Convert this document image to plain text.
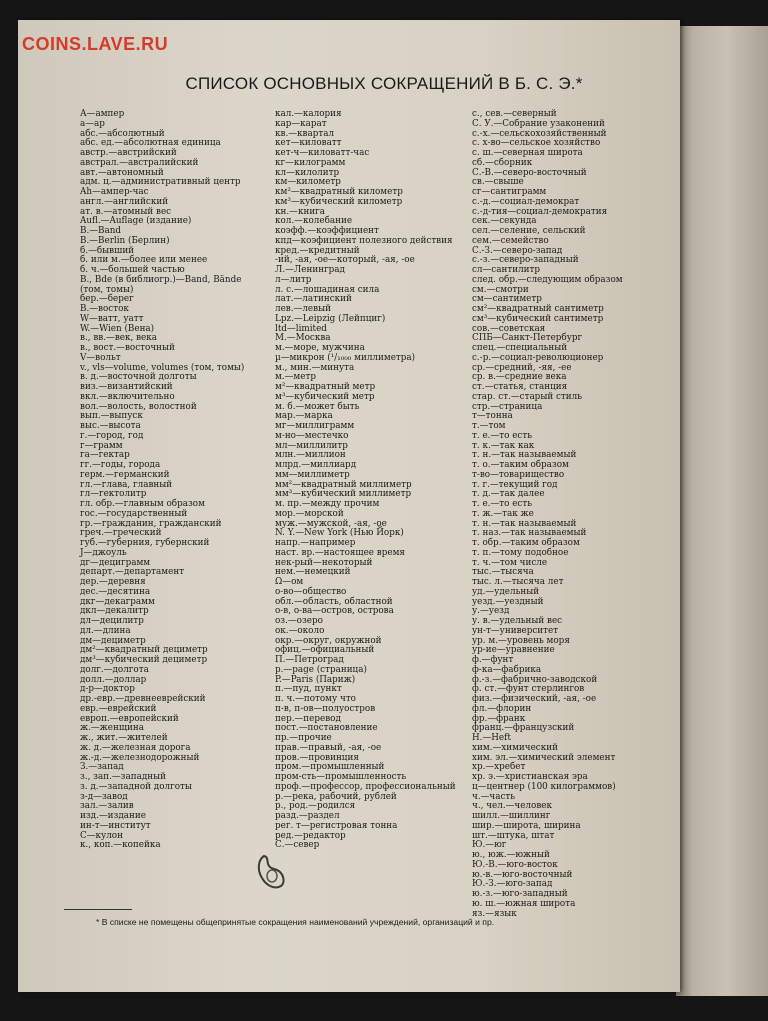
COINS.LAVE.RU
СПИСОК ОСНОВНЫХ СОКРАЩЕНИЙ В Б. С. Э.*
А—ампер
а—ар
абс.—абсолютный
абс. ед.—абсолютная единица
австр.—австрийский
австрал.—австралийский
авт.—автономный
адм. ц.—административный центр
Ah—ампер-час
англ.—английский
ат. в.—атомный вес
Aufl.—Auflage (издание)
B.—Band
B.—Berlin (Берлин)
б.—бывший
б. или м.—более или менее
б. ч.—большей частью
B., Bde (в библиогр.)—Band, Bände
(том, томы)
бер.—берег
В.—восток
W—ватт, уатт
W.—Wien (Вена)
в., вв.—век, века
в., вост.—восточный
V—вольт
v., vls—volume, volumes (том, томы)
в. д.—восточной долготы
виз.—византийский
вкл.—включительно
вол.—волость, волостной
вып.—выпуск
выс.—высота
г.—город, год
г—грамм
га—гектар
гг.—годы, города
герм.—германский
гл.—глава, главный
гл—гектолитр
гл. обр.—главным образом
гос.—государственный
гр.—гражданин, гражданский
греч.—греческий
губ.—губерния, губернский
J—джоуль
дг—дециграмм
департ.—департамент
дер.—деревня
дес.—десятина
дкг—декаграмм
дкл—декалитр
дл—децилитр
дл.—длина
дм—дециметр
дм²—квадратный дециметр
дм³—кубический дециметр
долг.—долгота
долл.—доллар
д-р—доктор
др.-евр.—древнееврейский
евр.—еврейский
европ.—европейский
ж.—женщина
ж., жит.—жителей
ж. д.—железная дорога
ж.-д.—железнодорожный
З.—запад
з., зап.—западный
з. д.—западной долготы
з-д—завод
зал.—залив
изд.—издание
ин-т—институт
C—кулон
к., коп.—копейка
кал.—калория
кар—карат
кв.—квартал
кет—киловатт
кет-ч—киловатт-час
кг—килограмм
кл—килолитр
км—километр
км²—квадратный километр
км³—кубический километр
кн.—книга
кол.—колебание
коэфф.—коэффициент
кпд—коэфициент полезного действия
кред.—кредитный
-ий, -ая, -ое—который, -ая, -ое
Л.—Ленинград
л—литр
л. с.—лошадиная сила
лат.—латинский
лев.—левый
Lpz.—Leipzig (Лейпциг)
ltd—limited
М.—Москва
м.—море, мужчина
µ—микрон (¹/₁₀₀₀ миллиметра)
м., мин.—минута
м.—метр
м²—квадратный метр
м³—кубический метр
м. б.—может быть
мар.—марка
мг—миллиграмм
м-но—местечко
мл—миллилитр
млн.—миллион
млрд.—миллиард
мм—миллиметр
мм²—квадратный миллиметр
мм³—кубический миллиметр
м. пр.—между прочим
мор.—морской
муж.—мужской, -ая, -ое
N. Y.—New York (Нью Йорк)
напр.—например
наст. вр.—настоящее время
нек-рый—некоторый
нем.—немецкий
Ω—ом
о-во—общество
обл.—область, областной
о-в, о-ва—остров, острова
оз.—озеро
ок.—около
окр.—округ, окружной
офиц.—официальный
П.—Петроград
p.—page (страница)
P.—Paris (Париж)
п.—пуд, пункт
п. ч.—потому что
п-в, п-ов—полуостров
пер.—перевод
пост.—постановление
пр.—прочие
прав.—правый, -ая, -ое
пров.—провинция
пром.—промышленный
пром-сть—промышленность
проф.—профессор, профессиональный
р.—река, рабочий, рублей
р., род.—родился
разд.—раздел
рег. т—регистровая тонна
ред.—редактор
С.—север
с., сев.—северный
С. У.—Собрание узаконений
с.-х.—сельскохозяйственный
с. х-во—сельское хозяйство
с. ш.—северная широта
сб.—сборник
С.-В.—северо-восточный
св.—свыше
сг—сантиграмм
с.-д.—социал-демократ
с.-д-тия—социал-демократия
сек.—секунда
сел.—селение, сельский
сем.—семейство
С.-З.—северо-запад
с.-з.—северо-западный
сл—сантилитр
след. обр.—следующим образом
см.—смотри
см—сантиметр
см²—квадратный сантиметр
см³—кубический сантиметр
сов.—советская
СПБ—Санкт-Петербург
спец.—специальный
с.-р.—социал-революционер
ср.—средний, -яя, -ее
ср. в.—средние века
ст.—статья, станция
стар. ст.—старый стиль
стр.—страница
т—тонна
т.—том
т. е.—то есть
т. к.—так как
т. н.—так называемый
т. о.—таким образом
т-во—товарищество
т. г.—текущий год
т. д.—так далее
т. е.—то есть
т. ж.—так же
т. н.—так называемый
т. наз.—так называемый
т. обр.—таким образом
т. п.—тому подобное
т. ч.—том числе
тыс.—тысяча
тыс. л.—тысяча лет
уд.—удельный
уезд.—уездный
у.—уезд
у. в.—удельный вес
ун-т—университет
ур. м.—уровень моря
ур-ие—уравнение
ф.—фунт
ф-ка—фабрика
ф.-з.—фабрично-заводской
ф. ст.—фунт стерлингов
физ.—физический, -ая, -ое
фл.—флорин
фр.—франк
франц.—французский
H.—Heft
хим.—химический
хим. эл.—химический элемент
хр.—хребет
хр. э.—христианская эра
ц—центнер (100 килограммов)
ч.—часть
ч., чел.—человек
шилл.—шиллинг
шир.—широта, ширина
шт.—штука, штат
Ю.—юг
ю., юж.—южный
Ю.-В.—юго-восток
ю.-в.—юго-восточный
Ю.-З.—юго-запад
ю.-з.—юго-западный
ю. ш.—южная широта
яз.—язык
* В списке не помещены общепринятые сокращения наименований учреждений, организаций и пр.
